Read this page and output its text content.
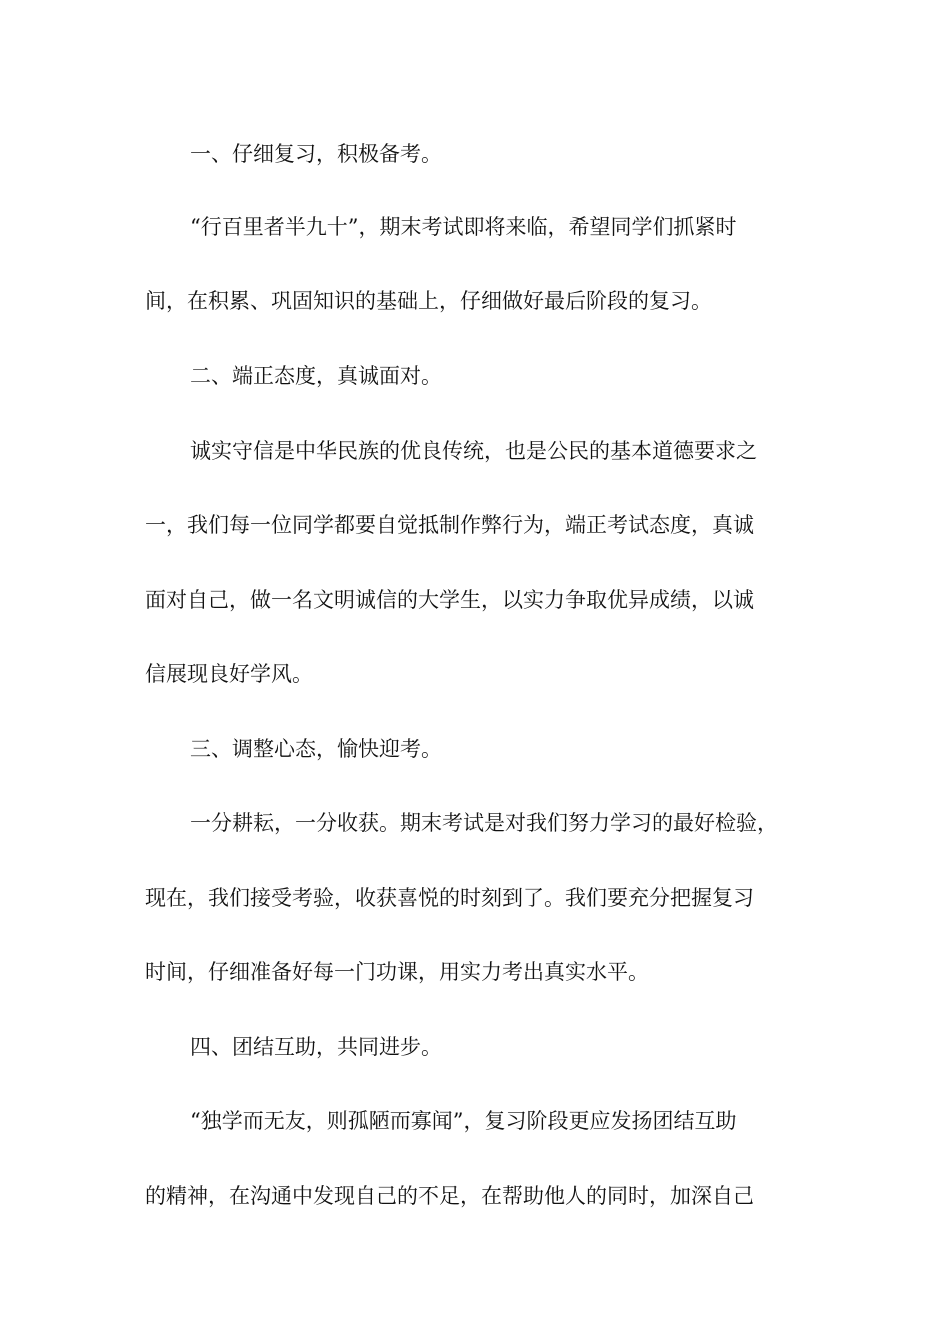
一、仔细复习，积极备考。
“行百里者半九十”，期末考试即将来临，希望同学们抓紧时
间，在积累、巩固知识的基础上，仔细做好最后阶段的复习。
二、端正态度，真诚面对。
诚实守信是中华民族的优良传统，也是公民的基本道德要求之
一，我们每一位同学都要自觉抵制作弊行为，端正考试态度，真诚
面对自己，做一名文明诚信的大学生，以实力争取优异成绩，以诚
信展现良好学风。
三、调整心态，愉快迎考。
一分耕耘，一分收获。期末考试是对我们努力学习的最好检验，
现在，我们接受考验，收获喜悦的时刻到了。我们要充分把握复习
时间，仔细准备好每一门功课，用实力考出真实水平。
四、团结互助，共同进步。
“独学而无友，则孤陋而寡闻”，复习阶段更应发扬团结互助
的精神，在沟通中发现自己的不足，在帮助他人的同时，加深自己
